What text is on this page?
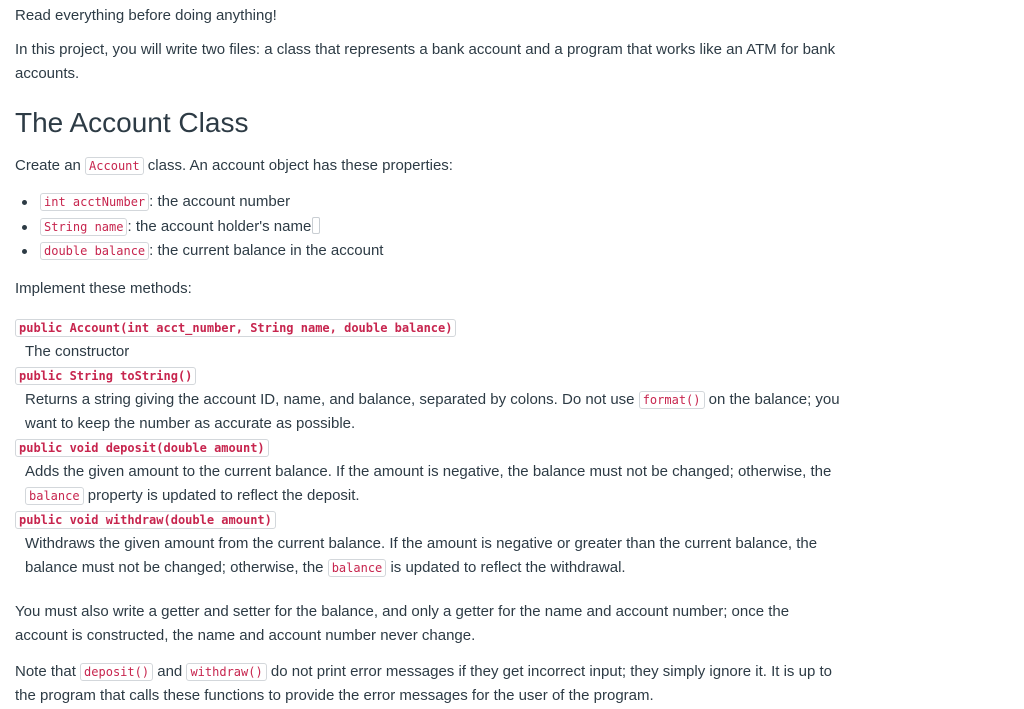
Read everything before doing anything!

In this project, you will write two files: a class that represents a bank account and a program that works like an ATM for bank accounts.

The Account Class

Create an Account class. An account object has these properties:

int acctNumber : the account number
String name : the account holder's name
double balance : the current balance in the account

Implement these methods:

public Account(int acct_number, String name, double balance)
The constructor
public String toString()
Returns a string giving the account ID, name, and balance, separated by colons. Do not use format() on the balance; you want to keep the number as accurate as possible.
public void deposit(double amount)
Adds the given amount to the current balance. If the amount is negative, the balance must not be changed; otherwise, the balance property is updated to reflect the deposit.
public void withdraw(double amount)
Withdraws the given amount from the current balance. If the amount is negative or greater than the current balance, the balance must not be changed; otherwise, the balance is updated to reflect the withdrawal.

You must also write a getter and setter for the balance, and only a getter for the name and account number; once the account is constructed, the name and account number never change.

Note that deposit() and withdraw() do not print error messages if they get incorrect input; they simply ignore it. It is up to the program that calls these functions to provide the error messages for the user of the program.
